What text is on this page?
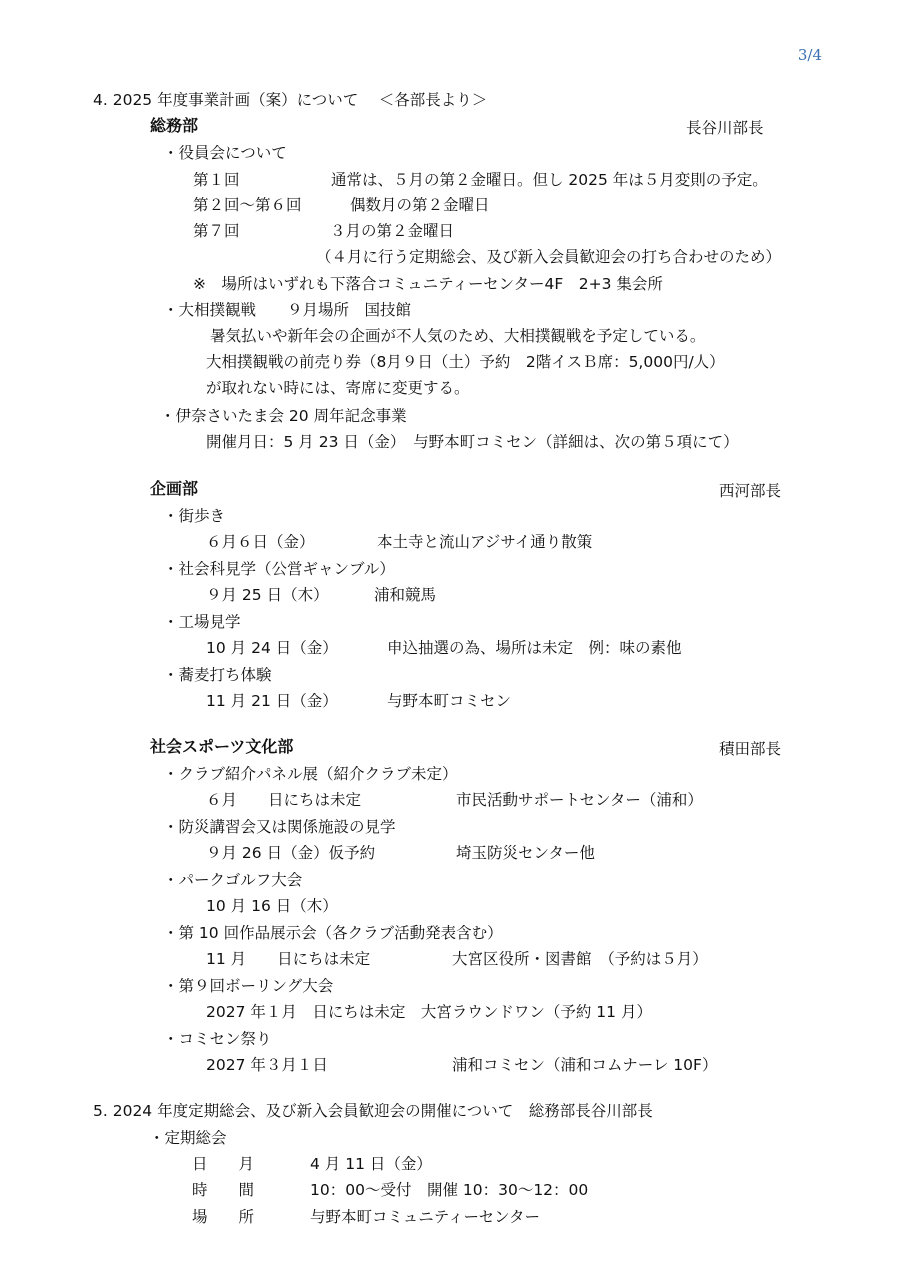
3/4
4. 2025 年度事業計画（案）について　 ＜各部長より＞
総務部	長谷川部長
・役員会について
第１回	通常は、５月の第２金曜日。但し 2025 年は５月変則の予定。
第２回～第６回	偶数月の第２金曜日
第７回	３月の第２金曜日
（４月に行う定期総会、及び新入会員歓迎会の打ち合わせのため）
※　場所はいずれも下落合コミュニティーセンター4F　2+3 集会所
・大相撲観戦　　９月場所　国技館
暑気払いや新年会の企画が不人気のため、大相撲観戦を予定している。
大相撲観戦の前売り券（8月９日（土）予約　2階イスＢ席：5,000円/人）
が取れない時には、寄席に変更する。
・伊奈さいたま会 20 周年記念事業
開催月日：5 月 23 日（金）　与野本町コミセン（詳細は、次の第５項にて）
企画部	西河部長
・街歩き
６月６日（金）	本土寺と流山アジサイ通り散策
・社会科見学（公営ギャンブル）
９月 25 日（木）	浦和競馬
・工場見学
10 月 24 日（金）	申込抽選の為、場所は未定　例：味の素他
・蕎麦打ち体験
11 月 21 日（金）	与野本町コミセン
社会スポーツ文化部	積田部長
・クラブ紹介パネル展（紹介クラブ未定）
６月　　日にちは未定	市民活動サポートセンター（浦和）
・防災講習会又は関係施設の見学
９月 26 日（金）仮予約	埼玉防災センター他
・パークゴルフ大会
10 月 16 日（木）
・第 10 回作品展示会（各クラブ活動発表含む）
11 月　　日にちは未定	大宮区役所・図書館　（予約は５月）
・第９回ボーリング大会
2027 年１月　日にちは未定　大宮ラウンドワン（予約 11 月）
・コミセン祭り
2027 年３月１日	浦和コミセン（浦和コムナーレ 10F）
5. 2024 年度定期総会、及び新入会員歓迎会の開催について　総務部長谷川部長
・定期総会
日　　月	4 月 11 日（金）
時　　間	10：00～受付　開催 10：30～12：00
場　　所	与野本町コミュニティーセンター
